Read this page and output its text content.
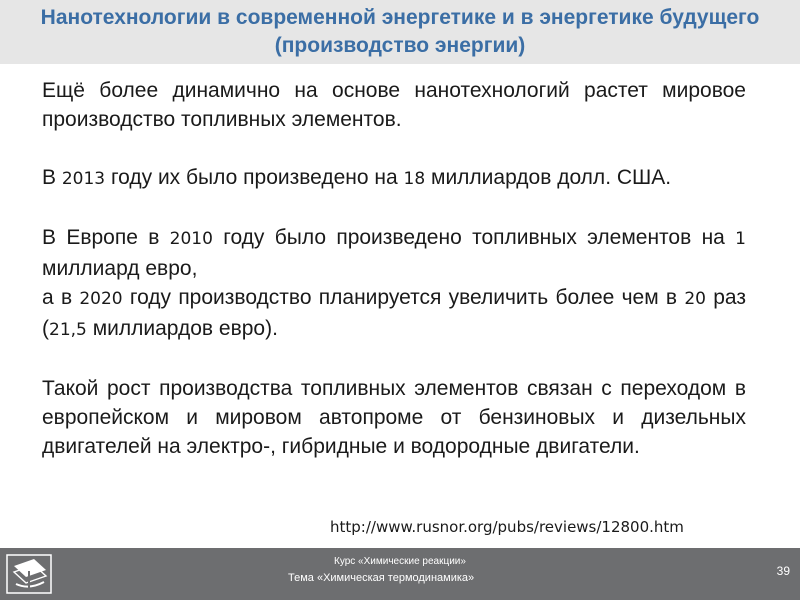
Нанотехнологии в современной энергетике и в энергетике будущего (производство энергии)

Ещё более динамично на основе нанотехнологий растет мировое производство топливных элементов.

В 2013 году их было произведено на 18 миллиардов долл. США.

В Европе в 2010 году было произведено топливных элементов на 1 миллиард евро,

а в 2020 году производство планируется увеличить более чем в 20 раз (21,5 миллиардов евро).

Такой рост производства топливных элементов связан с переходом в европейском и мировом автопроме от бензиновых и дизельных двигателей на электро-, гибридные и водородные двигатели.

http://www.rusnor.org/pubs/reviews/12800.htm
Курс «Химические реакции»
Тема «Химическая термодинамика»	39
